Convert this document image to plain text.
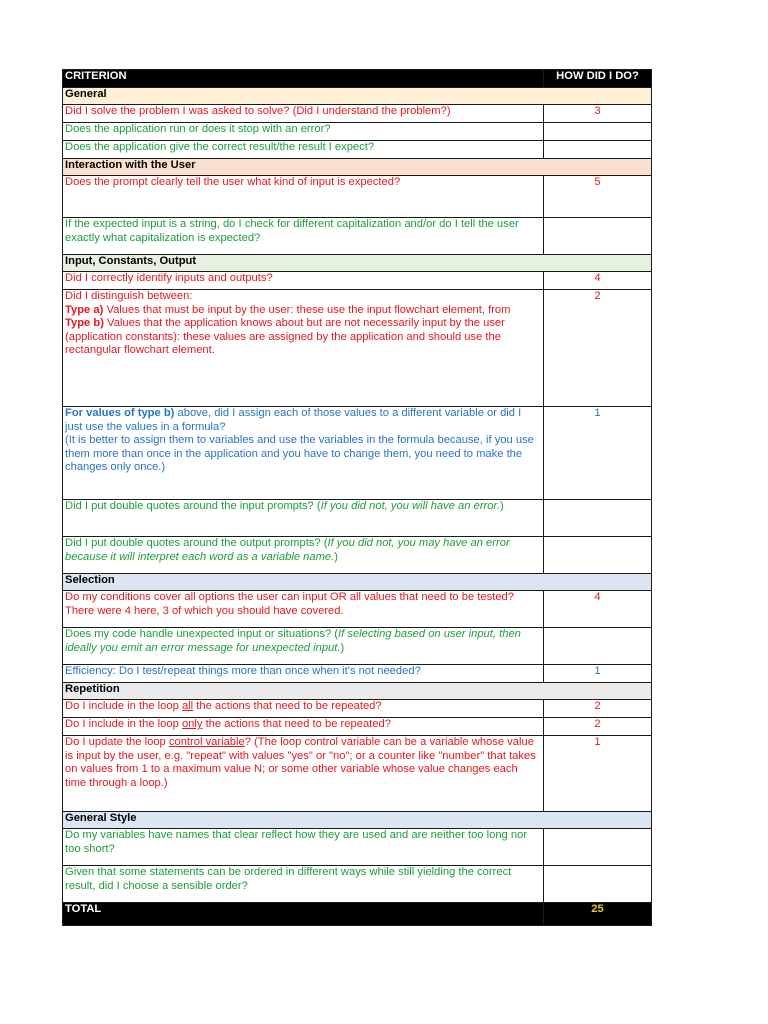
CRITERION	HOW DID I DO?
General	
Did I solve the problem I was asked to solve? (Did I understand the problem?)	3
Does the application run or does it stop with an error?	
Does the application give the correct result/the result I expect?	
Interaction with the User	
Does the prompt clearly tell the user what kind of input is expected?	5
If the expected input is a string, do I check for different capitalization and/or do I tell the user exactly what capitalization is expected?	
Input, Constants, Output	
Did I correctly identify inputs and outputs?	4
Did I distinguish between:
Type a) Values that must be input by the user: these use the input flowchart element, from
Type b) Values that the application knows about but are not necessarily input by the user (application constants): these values are assigned by the application and should use the rectangular flowchart element.	2
For values of type b) above, did I assign each of those values to a different variable or did I just use the values in a formula?
(It is better to assign them to variables and use the variables in the formula because, if you use them more than once in the application and you have to change them, you need to make the changes only once.)	1
Did I put double quotes around the input prompts? (If you did not, you will have an error.)	
Did I put double quotes around the output prompts? (If you did not, you may have an error because it will interpret each word as a variable name.)	
Selection	
Do my conditions cover all options the user can input OR all values that need to be tested? There were 4 here, 3 of which you should have covered.	4
Does my code handle unexpected input or situations? (If selecting based on user input, then ideally you emit an error message for unexpected input.)	
Efficiency: Do I test/repeat things more than once when it's not needed?	1
Repetition	
Do I include in the loop all the actions that need to be repeated?	2
Do I include in the loop only the actions that need to be repeated?	2
Do I update the loop control variable? (The loop control variable can be a variable whose value is input by the user, e.g. "repeat" with values "yes" or "no"; or a counter like "number" that takes on values from 1 to a maximum value N; or some other variable whose value changes each time through a loop.)	1
General Style	
Do my variables have names that clear reflect how they are used and are neither too long nor too short?	
Given that some statements can be ordered in different ways while still yielding the correct result, did I choose a sensible order?	
TOTAL	25
